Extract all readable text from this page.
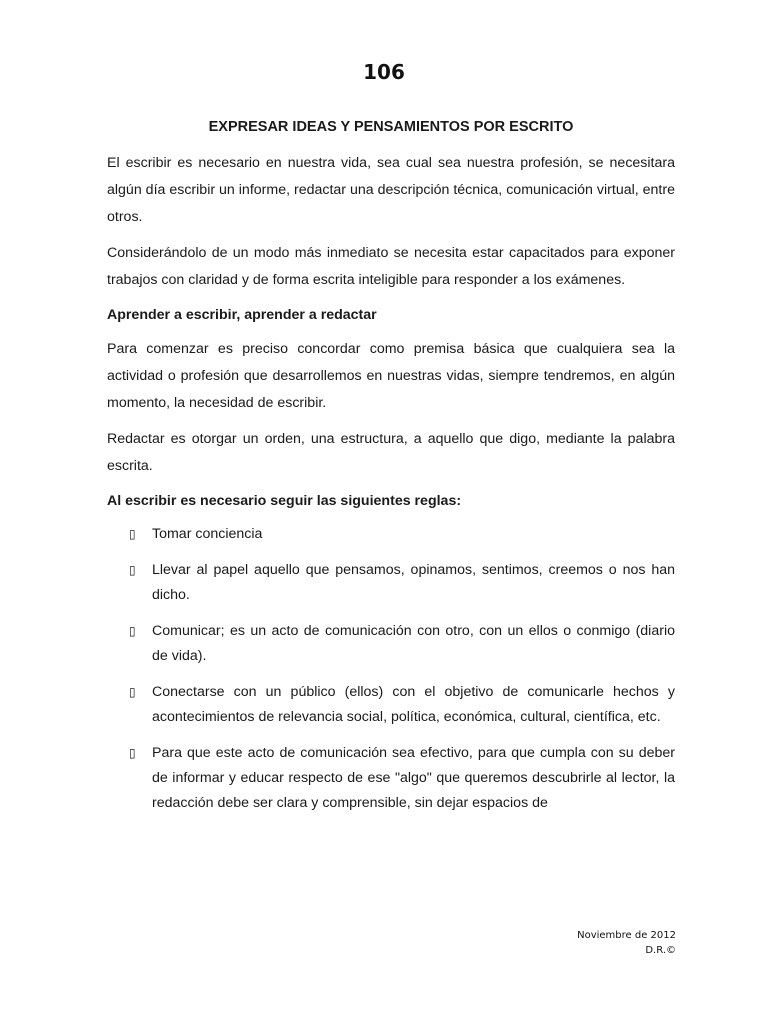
106
EXPRESAR IDEAS Y PENSAMIENTOS POR ESCRITO

El escribir es necesario en nuestra vida, sea cual sea nuestra profesión, se necesitara algún día escribir un informe, redactar una descripción técnica, comunicación virtual, entre otros.

Considerándolo de un modo más inmediato se necesita estar capacitados para exponer trabajos con claridad y de forma escrita inteligible para responder a los exámenes.

Aprender a escribir, aprender a redactar

Para comenzar es preciso concordar como premisa básica que cualquiera sea la actividad o profesión que desarrollemos en nuestras vidas, siempre tendremos, en algún momento, la necesidad de escribir.

Redactar es otorgar un orden, una estructura, a aquello que digo, mediante la palabra escrita.

Al escribir es necesario seguir las siguientes reglas:
▯ Tomar conciencia
▯ Llevar al papel aquello que pensamos, opinamos, sentimos, creemos o nos han dicho.
▯ Comunicar; es un acto de comunicación con otro, con un ellos o conmigo (diario de vida).
▯ Conectarse con un público (ellos) con el objetivo de comunicarle hechos y acontecimientos de relevancia social, política, económica, cultural, científica, etc.
▯ Para que este acto de comunicación sea efectivo, para que cumpla con su deber de informar y educar respecto de ese "algo" que queremos descubrirle al lector, la redacción debe ser clara y comprensible, sin dejar espacios de
Noviembre de 2012
D.R.©
